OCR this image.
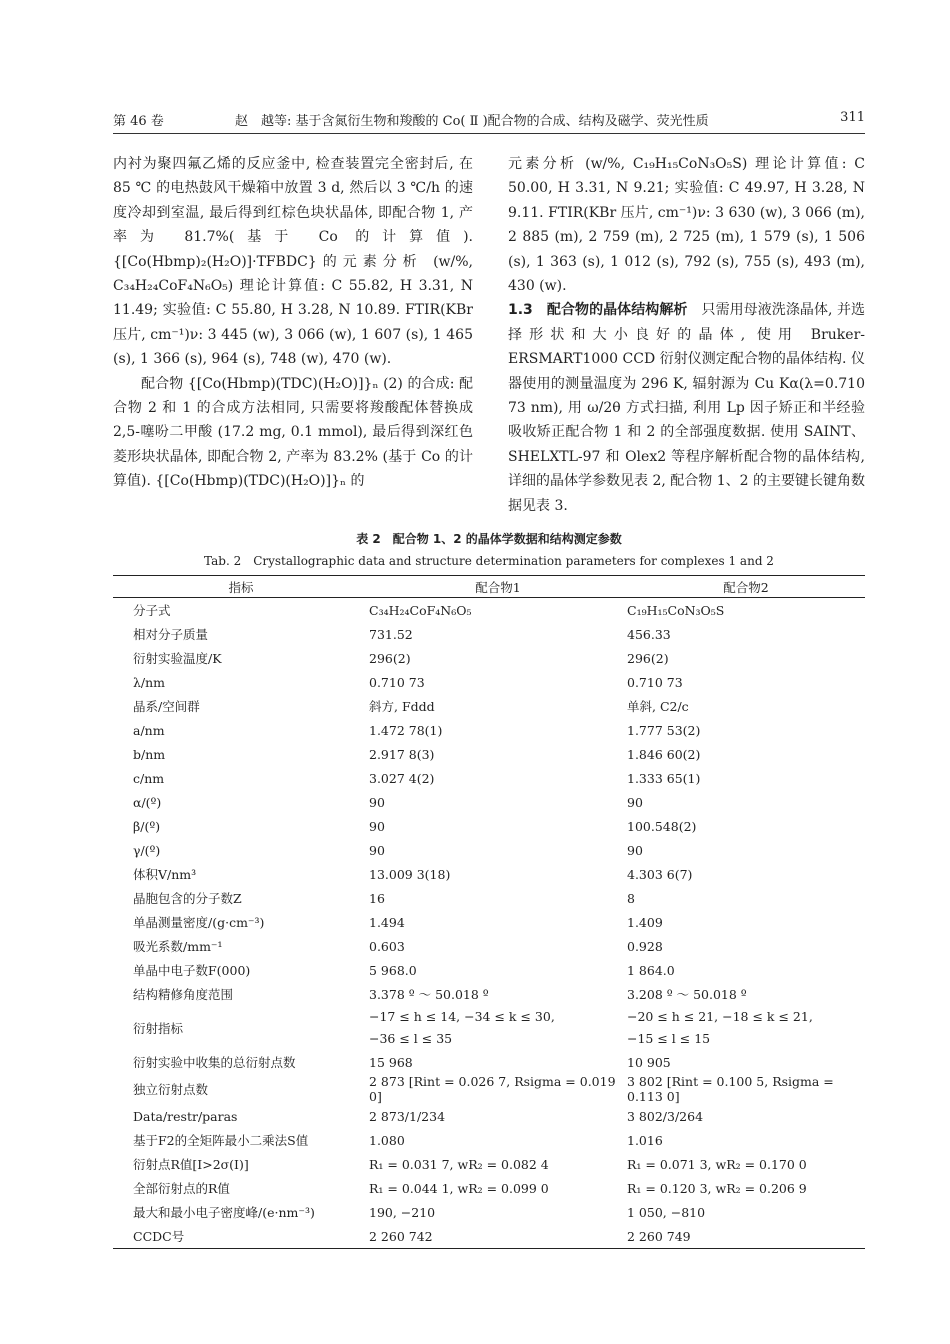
第 46 卷	赵　越等: 基于含氮衍生物和羧酸的 Co( Ⅱ )配合物的合成、结构及磁学、荧光性质	311

内衬为聚四氟乙烯的反应釜中, 检查装置完全密封后, 在 85 ℃ 的电热鼓风干燥箱中放置 3 d, 然后以 3 ℃/h 的速度冷却到室温, 最后得到红棕色块状晶体, 即配合物 1, 产率为 81.7%(基于 Co 的计算值). {[Co(Hbmp)₂(H₂O)]·TFBDC}的元素分析 (w/%, C₃₄H₂₄CoF₄N₆O₅) 理论计算值: C 55.82, H 3.31, N 11.49; 实验值: C 55.80, H 3.28, N 10.89. FTIR(KBr 压片, cm⁻¹)ν: 3 445 (w), 3 066 (w), 1 607 (s), 1 465 (s), 1 366 (s), 964 (s), 748 (w), 470 (w).

配合物 {[Co(Hbmp)(TDC)(H₂O)]}ₙ (2) 的合成: 配合物 2 和 1 的合成方法相同, 只需要将羧酸配体替换成 2,5-噻吩二甲酸 (17.2 mg, 0.1 mmol), 最后得到深红色菱形块状晶体, 即配合物 2, 产率为 83.2% (基于 Co 的计算值). {[Co(Hbmp)(TDC)(H₂O)]}ₙ 的

元素分析 (w/%, C₁₉H₁₅CoN₃O₅S) 理论计算值: C 50.00, H 3.31, N 9.21; 实验值: C 49.97, H 3.28, N 9.11. FTIR(KBr 压片, cm⁻¹)ν: 3 630 (w), 3 066 (m), 2 885 (m), 2 759 (m), 2 725 (m), 1 579 (s), 1 506 (s), 1 363 (s), 1 012 (s), 792 (s), 755 (s), 493 (m), 430 (w).

1.3　配合物的晶体结构解析　 只需用母液洗涤晶体, 并选择形状和大小良好的晶体, 使用 Bruker-ERSMART1000 CCD 衍射仪测定配合物的晶体结构. 仪器使用的测量温度为 296 K, 辐射源为 Cu Kα(λ=0.710 73 nm), 用 ω/2θ 方式扫描, 利用 Lp 因子矫正和半经验吸收矫正配合物 1 和 2 的全部强度数据. 使用 SAINT、SHELXTL-97 和 Olex2 等程序解析配合物的晶体结构, 详细的晶体学参数见表 2, 配合物 1、2 的主要键长键角数据见表 3.

表 2　配合物 1、2 的晶体学数据和结构测定参数
Tab. 2　Crystallographic data and structure determination parameters for complexes 1 and 2
指标	配合物1	配合物2
分子式	C₃₄H₂₄CoF₄N₆O₅	C₁₉H₁₅CoN₃O₅S
相对分子质量	731.52	456.33
衍射实验温度/K	296(2)	296(2)
λ/nm	0.710 73	0.710 73
晶系/空间群	斜方, Fddd	单斜, C2/c
a/nm	1.472 78(1)	1.777 53(2)
b/nm	2.917 8(3)	1.846 60(2)
c/nm	3.027 4(2)	1.333 65(1)
α/(º)	90	90
β/(º)	90	100.548(2)
γ/(º)	90	90
体积V/nm³	13.009 3(18)	4.303 6(7)
晶胞包含的分子数Z	16	8
单晶测量密度/(g·cm⁻³)	1.494	1.409
吸光系数/mm⁻¹	0.603	0.928
单晶中电子数F(000)	5 968.0	1 864.0
结构精修角度范围	3.378 º ～ 50.018 º	3.208 º ～ 50.018 º
衍射指标	−17 ≤ h ≤ 14, −34 ≤ k ≤ 30,
−36 ≤ l ≤ 35	−20 ≤ h ≤ 21, −18 ≤ k ≤ 21,
−15 ≤ l ≤ 15
衍射实验中收集的总衍射点数	15 968	10 905
独立衍射点数	2 873 [Rint = 0.026 7, Rsigma = 0.019 0]	3 802 [Rint = 0.100 5, Rsigma = 0.113 0]
Data/restr/paras	2 873/1/234	3 802/3/264
基于F2的全矩阵最小二乘法S值	1.080	1.016
衍射点R值[I>2σ(I)]	R₁ = 0.031 7, wR₂ = 0.082 4	R₁ = 0.071 3, wR₂ = 0.170 0
全部衍射点的R值	R₁ = 0.044 1, wR₂ = 0.099 0	R₁ = 0.120 3, wR₂ = 0.206 9
最大和最小电子密度峰/(e·nm⁻³)	190, −210	1 050, −810
CCDC号	2 260 742	2 260 749
